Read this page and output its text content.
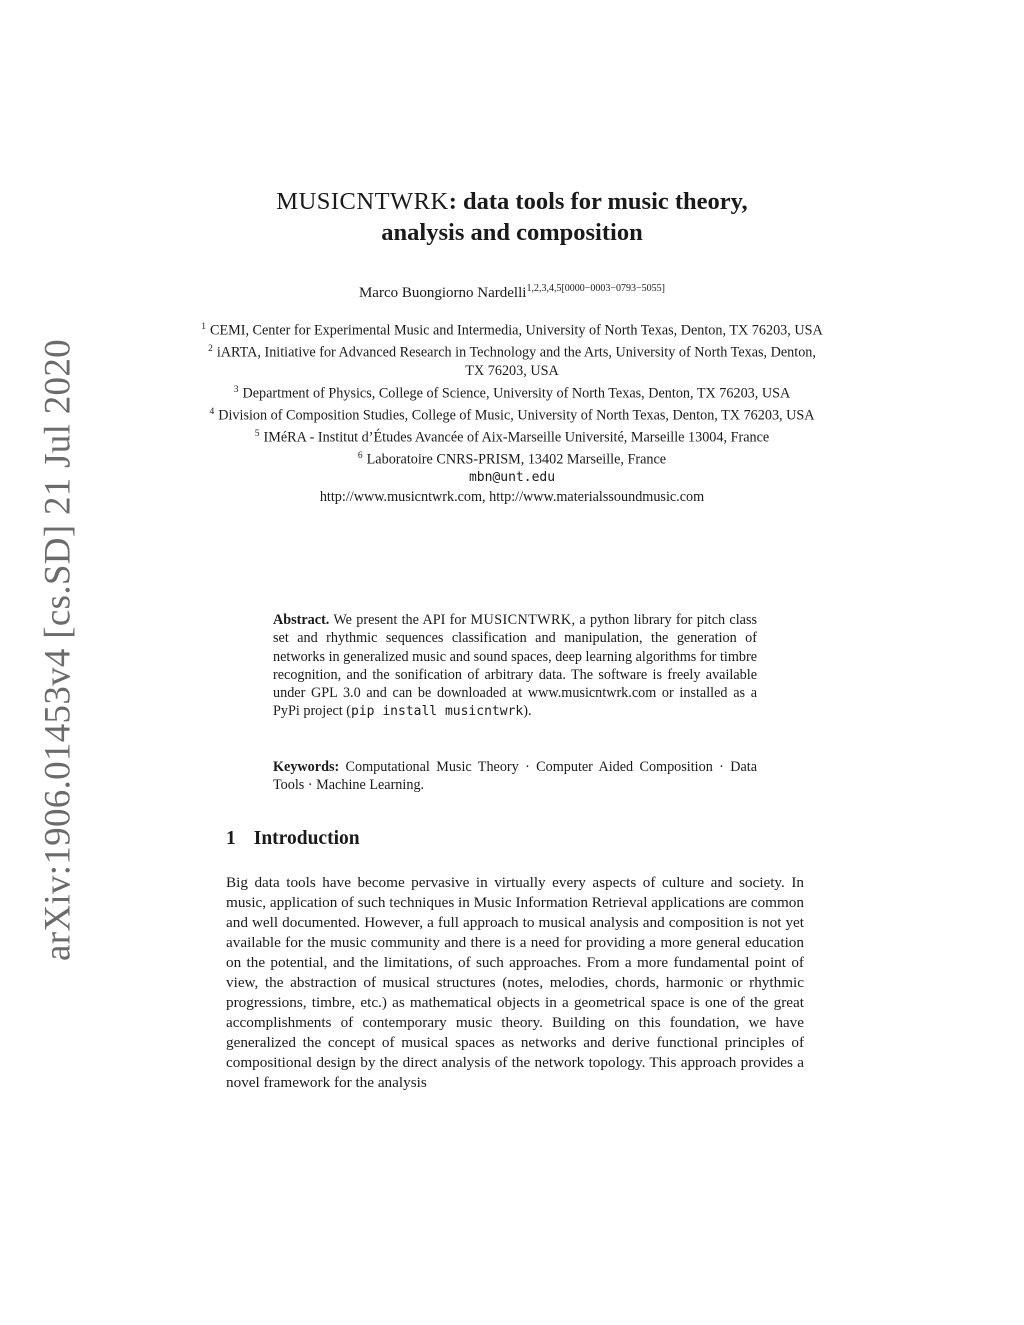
arXiv:1906.01453v4 [cs.SD] 21 Jul 2020
MUSICNTWRK: data tools for music theory,
analysis and composition
Marco Buongiorno Nardelli$^{1,2,3,4,5[0000-0003-0793-5055]}$
$^1$ CEMI, Center for Experimental Music and Intermedia, University of North Texas, Denton, TX 76203, USA
$^2$ iARTA, Initiative for Advanced Research in Technology and the Arts, University of North Texas, Denton, TX 76203, USA
$^3$ Department of Physics, College of Science, University of North Texas, Denton, TX 76203, USA
$^4$ Division of Composition Studies, College of Music, University of North Texas, Denton, TX 76203, USA
$^5$ IMéRA - Institut d’Études Avancée of Aix-Marseille Université, Marseille 13004, France
$^6$ Laboratoire CNRS-PRISM, 13402 Marseille, France
mbn@unt.edu
http://www.musicntwrk.com, http://www.materialssoundmusic.com
Abstract. We present the API for MUSICNTWRK, a python library for pitch class set and rhythmic sequences classification and manipulation, the generation of networks in generalized music and sound spaces, deep learning algorithms for timbre recognition, and the sonification of arbitrary data. The software is freely available under GPL 3.0 and can be downloaded at www.musicntwrk.com or installed as a PyPi project (pip install musicntwrk).
Keywords: Computational Music Theory · Computer Aided Composition · Data Tools · Machine Learning.
1 Introduction
Big data tools have become pervasive in virtually every aspects of culture and society. In music, application of such techniques in Music Information Retrieval applications are common and well documented. However, a full approach to musical analysis and composition is not yet available for the music community and there is a need for providing a more general education on the potential, and the limitations, of such approaches. From a more fundamental point of view, the abstraction of musical structures (notes, melodies, chords, harmonic or rhythmic progressions, timbre, etc.) as mathematical objects in a geometrical space is one of the great accomplishments of contemporary music theory. Building on this foundation, we have generalized the concept of musical spaces as networks and derive functional principles of compositional design by the direct analysis of the network topology. This approach provides a novel framework for the analysis
